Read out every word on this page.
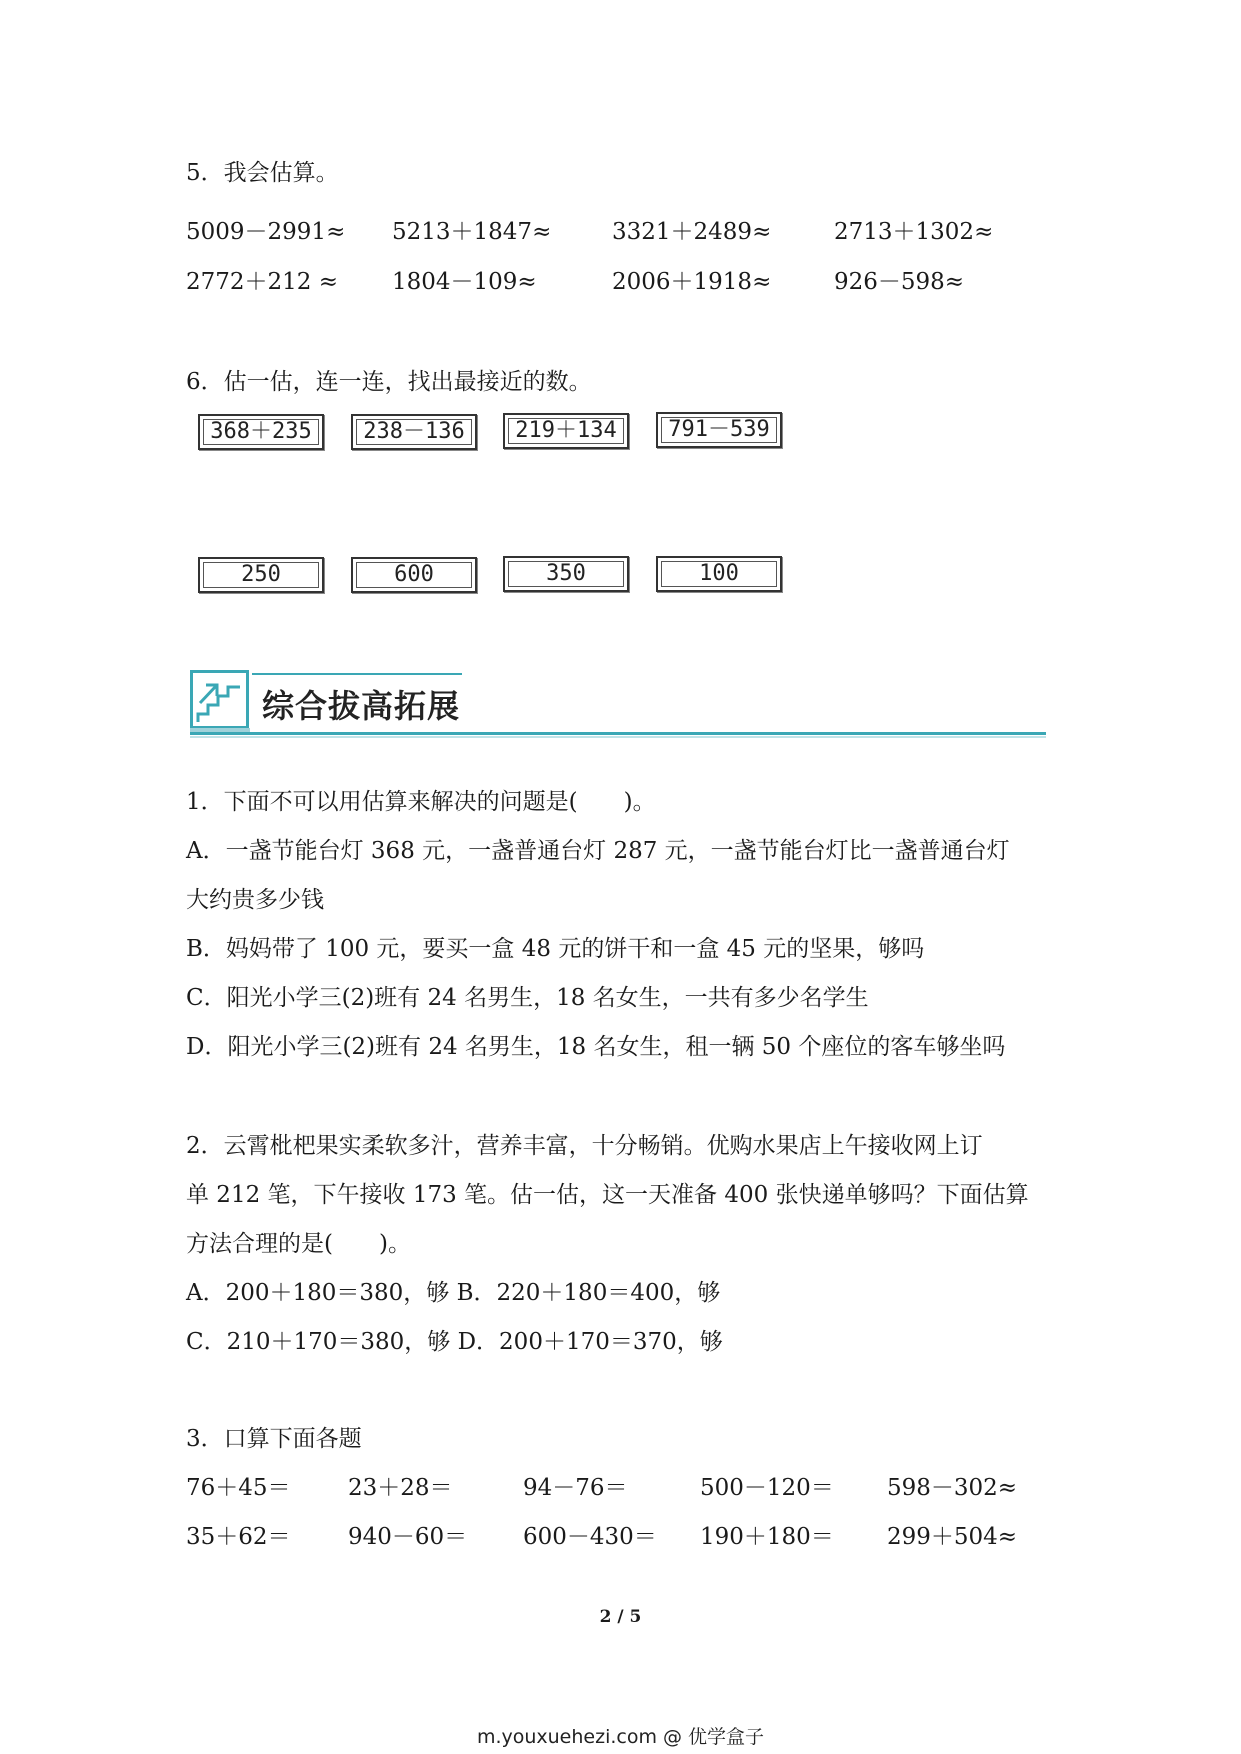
5．我会估算。
5009－2991≈ 5213＋1847≈	3321＋2489≈	2713＋1302≈
2772＋212 ≈ 1804－109≈	2006＋1918≈	926－598≈
6．估一估，连一连，找出最接近的数。
368＋235	238－136	219＋134	791－539
250	600	350	100
综合拔高拓展
1．下面不可以用估算来解决的问题是(　　)。
A．一盏节能台灯 368 元，一盏普通台灯 287 元，一盏节能台灯比一盏普通台灯
大约贵多少钱
B．妈妈带了 100 元，要买一盒 48 元的饼干和一盒 45 元的坚果，够吗
C．阳光小学三(2)班有 24 名男生，18 名女生，一共有多少名学生
D．阳光小学三(2)班有 24 名男生，18 名女生，租一辆 50 个座位的客车够坐吗
2．云霄枇杷果实柔软多汁，营养丰富，十分畅销。优购水果店上午接收网上订
单 212 笔，下午接收 173 笔。估一估，这一天准备 400 张快递单够吗？下面估算
方法合理的是(　　)。
A．200＋180＝380，够 B．220＋180＝400，够
C．210＋170＝380，够 D．200＋170＝370，够
3．口算下面各题
76＋45＝ 23＋28＝	94－76＝	500－120＝ 598－302≈
35＋62＝ 940－60＝ 600－430＝ 190＋180＝ 299＋504≈
2 / 5
m.youxuehezi.com @ 优学盒子
